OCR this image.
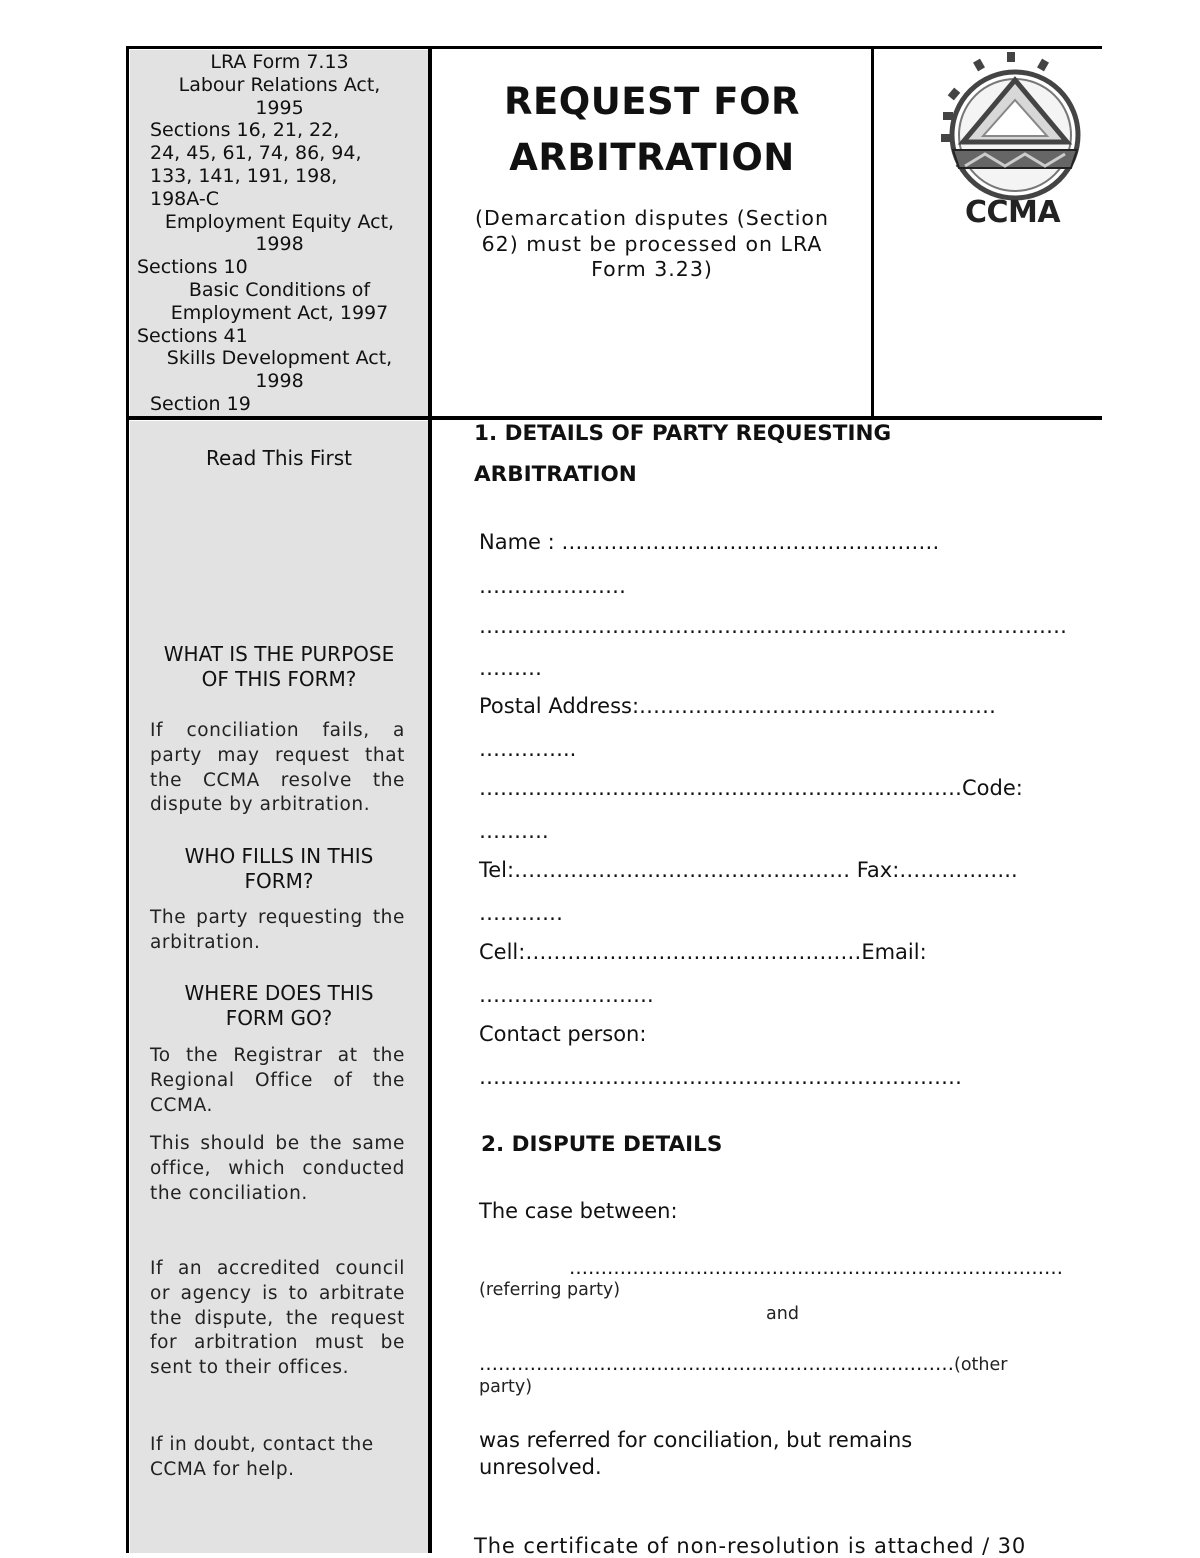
LRA Form 7.13
Labour Relations Act,
1995
Sections 16, 21, 22,
24, 45, 61, 74, 86, 94,
133, 141, 191, 198,
198A-C
Employment Equity Act,
1998
Sections 10
Basic Conditions of
Employment Act, 1997
Sections 41
Skills Development Act,
1998
Section 19
REQUEST FOR
ARBITRATION
(Demarcation disputes (Section
62) must be processed on LRA
Form 3.23)
CCMA
Read This First
WHAT IS THE PURPOSE
OF THIS FORM?
If conciliation fails, a party may request that the CCMA resolve the dispute by arbitration.
WHO FILLS IN THIS
FORM?
The party requesting the arbitration.
WHERE DOES THIS
FORM GO?
To the Registrar at the Regional Office of the CCMA.
This should be the same office, which conducted the conciliation.
If an accredited council or agency is to arbitrate the dispute, the request for arbitration must be sent to their offices.
If in doubt, contact the CCMA for help.
1. DETAILS OF PARTY REQUESTING
ARBITRATION
Name : ………………………………………………
…………………
…………………………………………………………………………
………
Postal Address:……………………………………………
…………..
……………………………………………………………Code:
……….
Tel:………………………………………… Fax:……………..
…………
Cell:…………………………………………Email:
…………………….
Contact person:
……………………………………………………………
2. DISPUTE DETAILS
The case between:
……………………………………………………………………
(referring party)
and
…………………………………………………………………(other
party)
was referred for conciliation, but remains
unresolved.
The certificate of non-resolution is attached / 30
